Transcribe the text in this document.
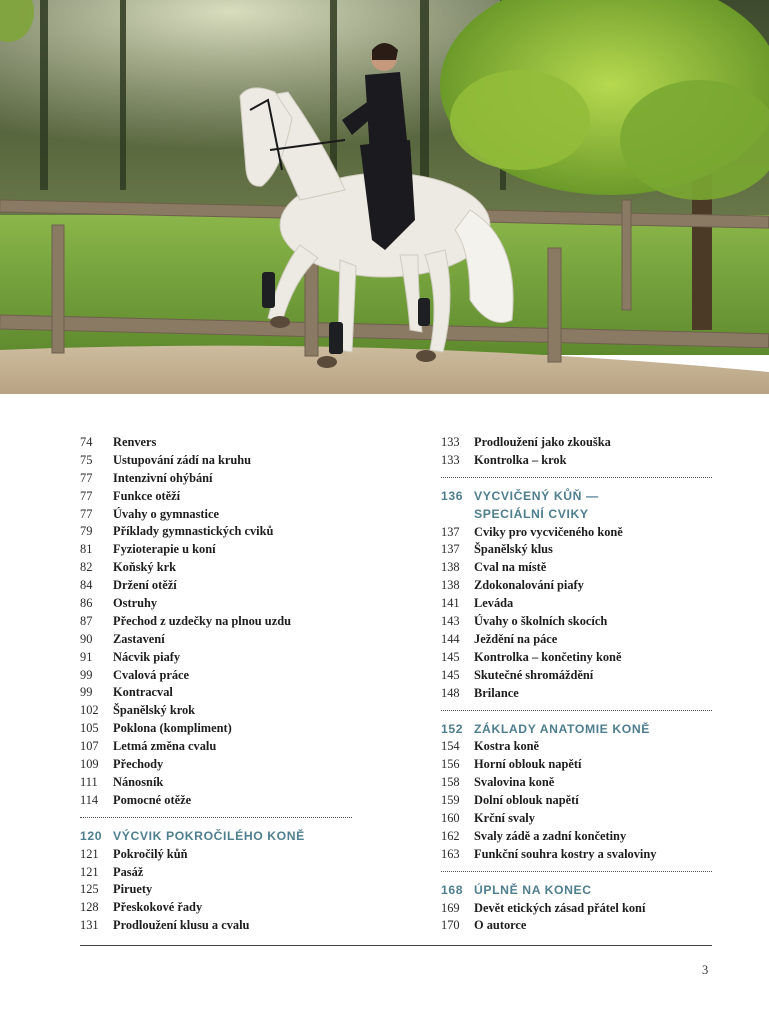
74	Renvers
75	Ustupování zádí na kruhu
77	Intenzivní ohýbání
77	Funkce otěží
77	Úvahy o gymnastice
79	Příklady gymnastických cviků
81	Fyzioterapie u koní
82	Koňský krk
84	Držení otěží
86	Ostruhy
87	Přechod z uzdečky na plnou uzdu
90	Zastavení
91	Nácvik piafy
99	Cvalová práce
99	Kontracval
102	Španělský krok
105	Poklona (kompliment)
107	Letmá změna cvalu
109	Přechody
111	Nánosník
114	Pomocné otěže
120 VÝCVIK POKROČILÉHO KONĚ
121	Pokročilý kůň
121	Pasáž
125	Piruety
128	Přeskokové řady
131	Prodloužení klusu a cvalu
133	Prodloužení jako zkouška
133	Kontrolka – krok
136 VYCVIČENÝ KŮŇ —
SPECIÁLNÍ CVIKY
137	Cviky pro vycvičeného koně
137	Španělský klus
138	Cval na místě
138	Zdokonalování piafy
141	Leváda
143	Úvahy o školních skocích
144	Ježdění na páce
145	Kontrolka – končetiny koně
145	Skutečné shromáždění
148	Brilance
152 ZÁKLADY ANATOMIE KONĚ
154	Kostra koně
156	Horní oblouk napětí
158	Svalovina koně
159	Dolní oblouk napětí
160	Krční svaly
162	Svaly zádě a zadní končetiny
163	Funkční souhra kostry a svaloviny
168 ÚPLNĚ NA KONEC
169	Devět etických zásad přátel koní
170	O autorce
3
